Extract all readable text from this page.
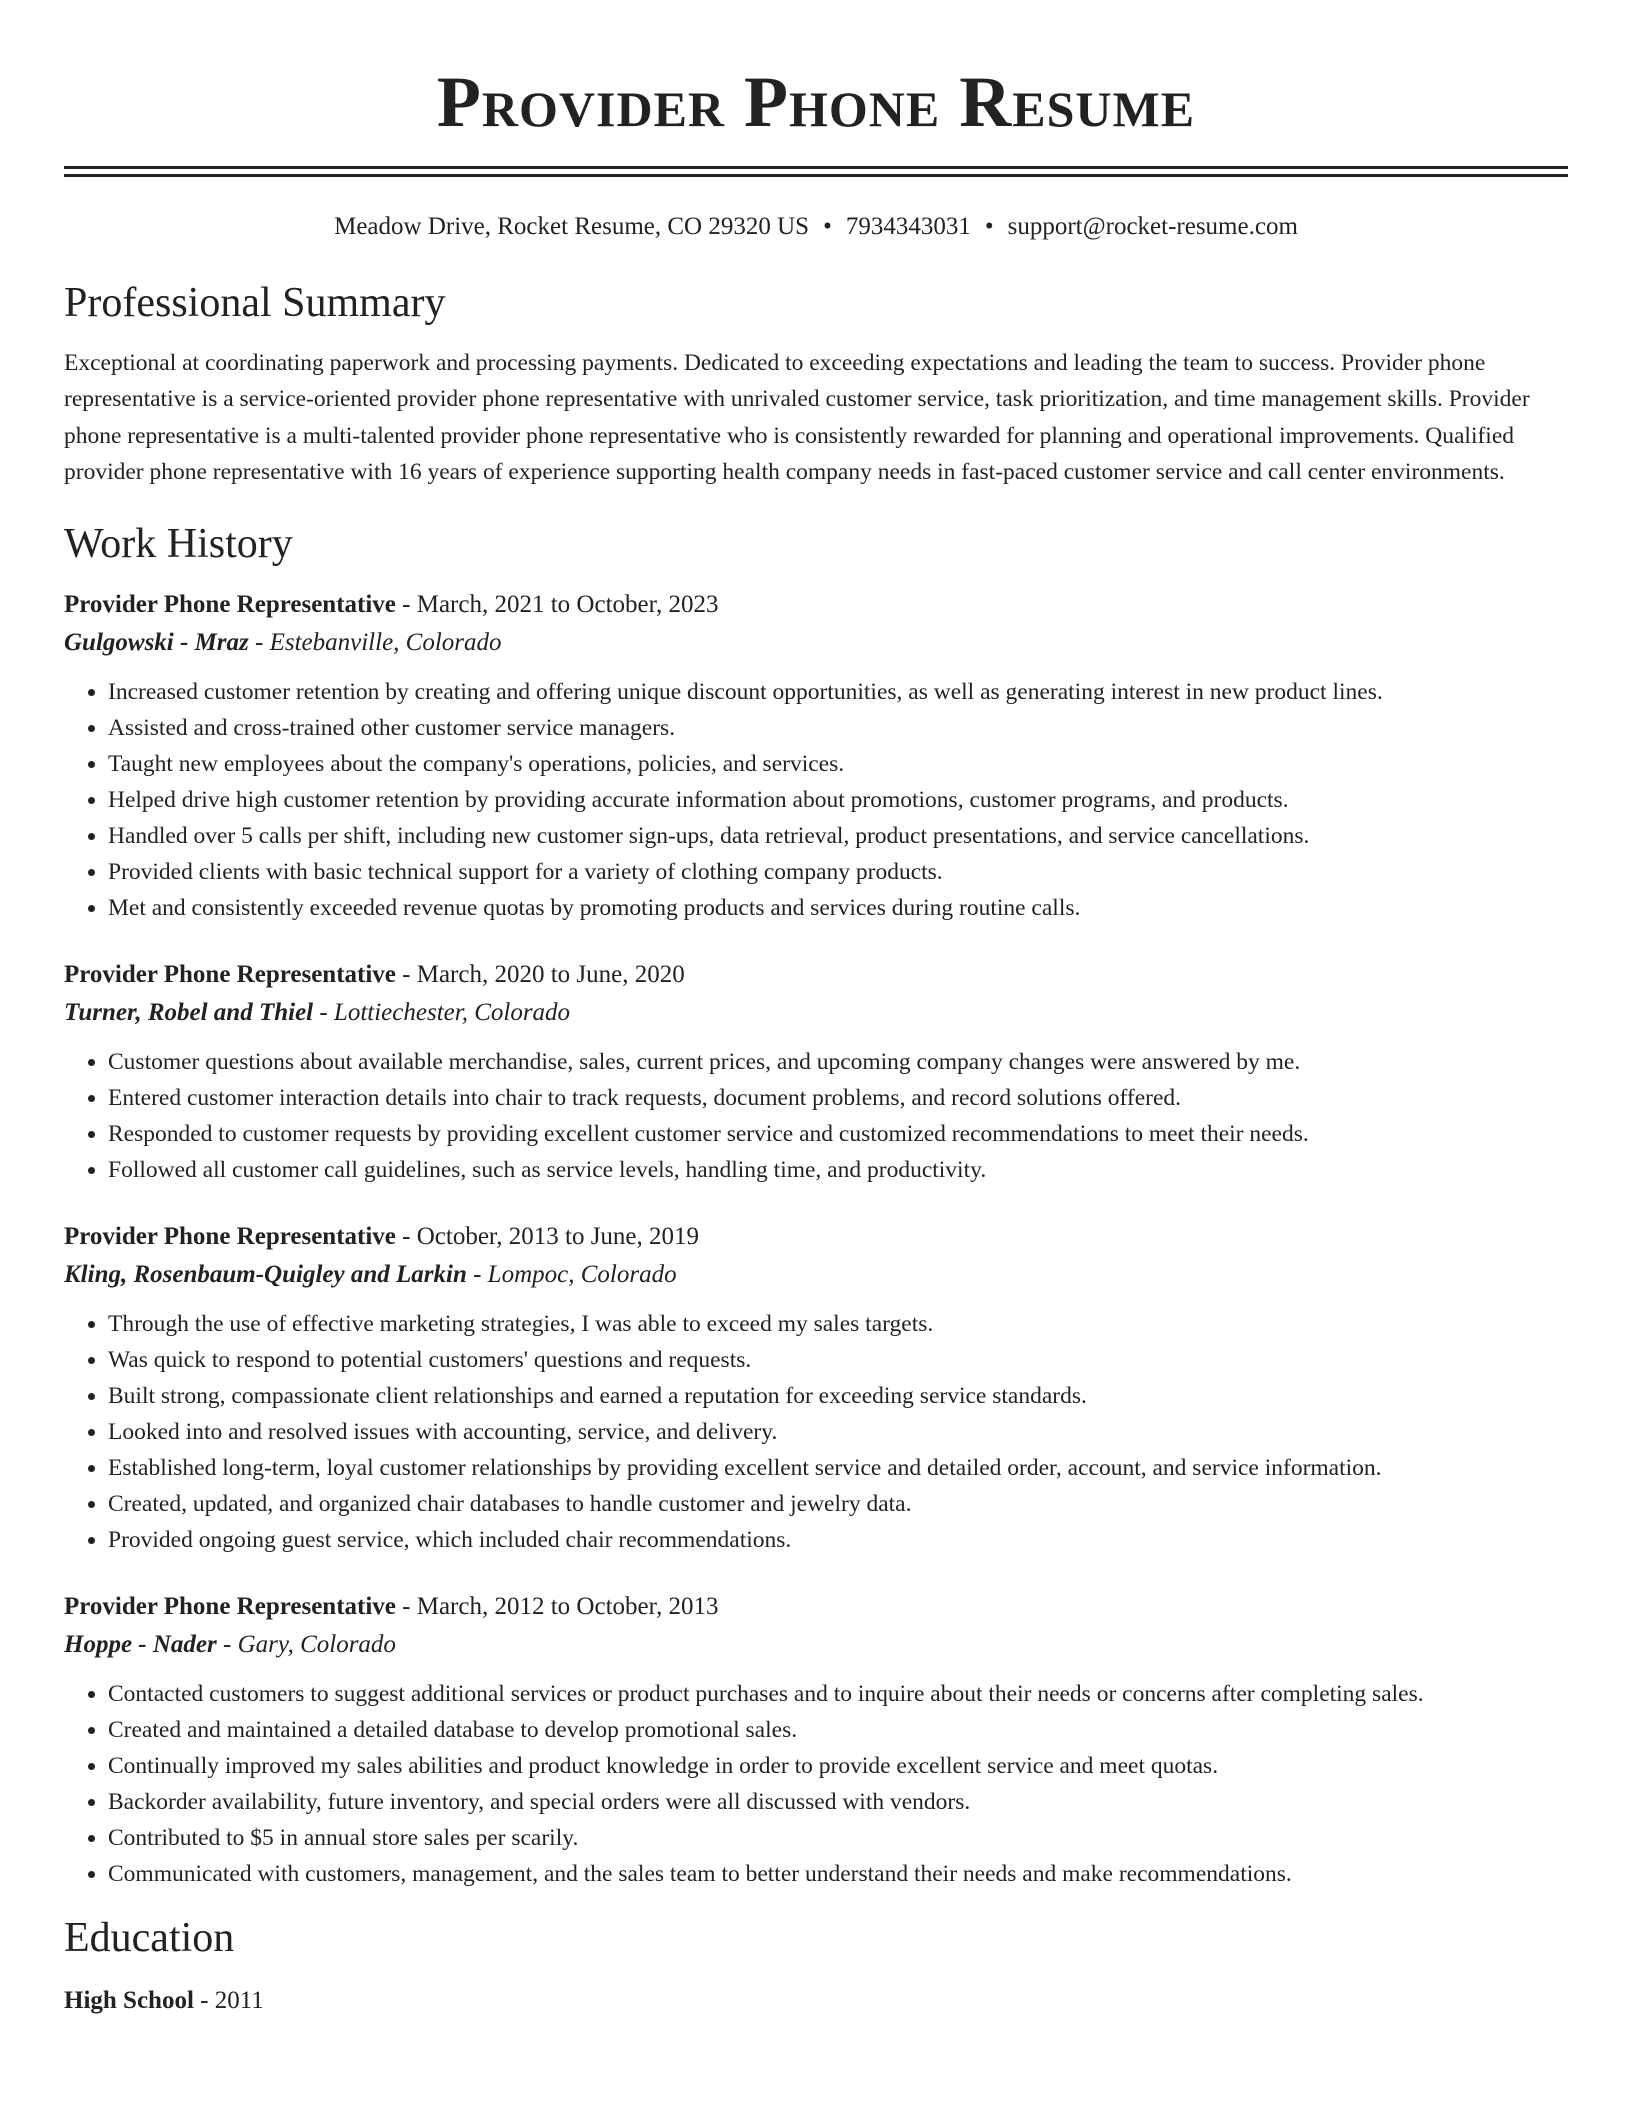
Provider Phone Resume
Meadow Drive, Rocket Resume, CO 29320 US • 7934343031 • support@rocket-resume.com
Professional Summary

Exceptional at coordinating paperwork and processing payments. Dedicated to exceeding expectations and leading the team to success. Provider phone representative is a service-oriented provider phone representative with unrivaled customer service, task prioritization, and time management skills. Provider phone representative is a multi-talented provider phone representative who is consistently rewarded for planning and operational improvements. Qualified provider phone representative with 16 years of experience supporting health company needs in fast-paced customer service and call center environments.

Work History
Provider Phone Representative - March, 2021 to October, 2023
Gulgowski - Mraz - Estebanville, Colorado
• Increased customer retention by creating and offering unique discount opportunities, as well as generating interest in new product lines.
• Assisted and cross-trained other customer service managers.
• Taught new employees about the company's operations, policies, and services.
• Helped drive high customer retention by providing accurate information about promotions, customer programs, and products.
• Handled over 5 calls per shift, including new customer sign-ups, data retrieval, product presentations, and service cancellations.
• Provided clients with basic technical support for a variety of clothing company products.
• Met and consistently exceeded revenue quotas by promoting products and services during routine calls.
Provider Phone Representative - March, 2020 to June, 2020
Turner, Robel and Thiel - Lottiechester, Colorado
• Customer questions about available merchandise, sales, current prices, and upcoming company changes were answered by me.
• Entered customer interaction details into chair to track requests, document problems, and record solutions offered.
• Responded to customer requests by providing excellent customer service and customized recommendations to meet their needs.
• Followed all customer call guidelines, such as service levels, handling time, and productivity.
Provider Phone Representative - October, 2013 to June, 2019
Kling, Rosenbaum-Quigley and Larkin - Lompoc, Colorado
• Through the use of effective marketing strategies, I was able to exceed my sales targets.
• Was quick to respond to potential customers' questions and requests.
• Built strong, compassionate client relationships and earned a reputation for exceeding service standards.
• Looked into and resolved issues with accounting, service, and delivery.
• Established long-term, loyal customer relationships by providing excellent service and detailed order, account, and service information.
• Created, updated, and organized chair databases to handle customer and jewelry data.
• Provided ongoing guest service, which included chair recommendations.
Provider Phone Representative - March, 2012 to October, 2013
Hoppe - Nader - Gary, Colorado
• Contacted customers to suggest additional services or product purchases and to inquire about their needs or concerns after completing sales.
• Created and maintained a detailed database to develop promotional sales.
• Continually improved my sales abilities and product knowledge in order to provide excellent service and meet quotas.
• Backorder availability, future inventory, and special orders were all discussed with vendors.
• Contributed to $5 in annual store sales per scarily.
• Communicated with customers, management, and the sales team to better understand their needs and make recommendations.
Education
High School - 2011
